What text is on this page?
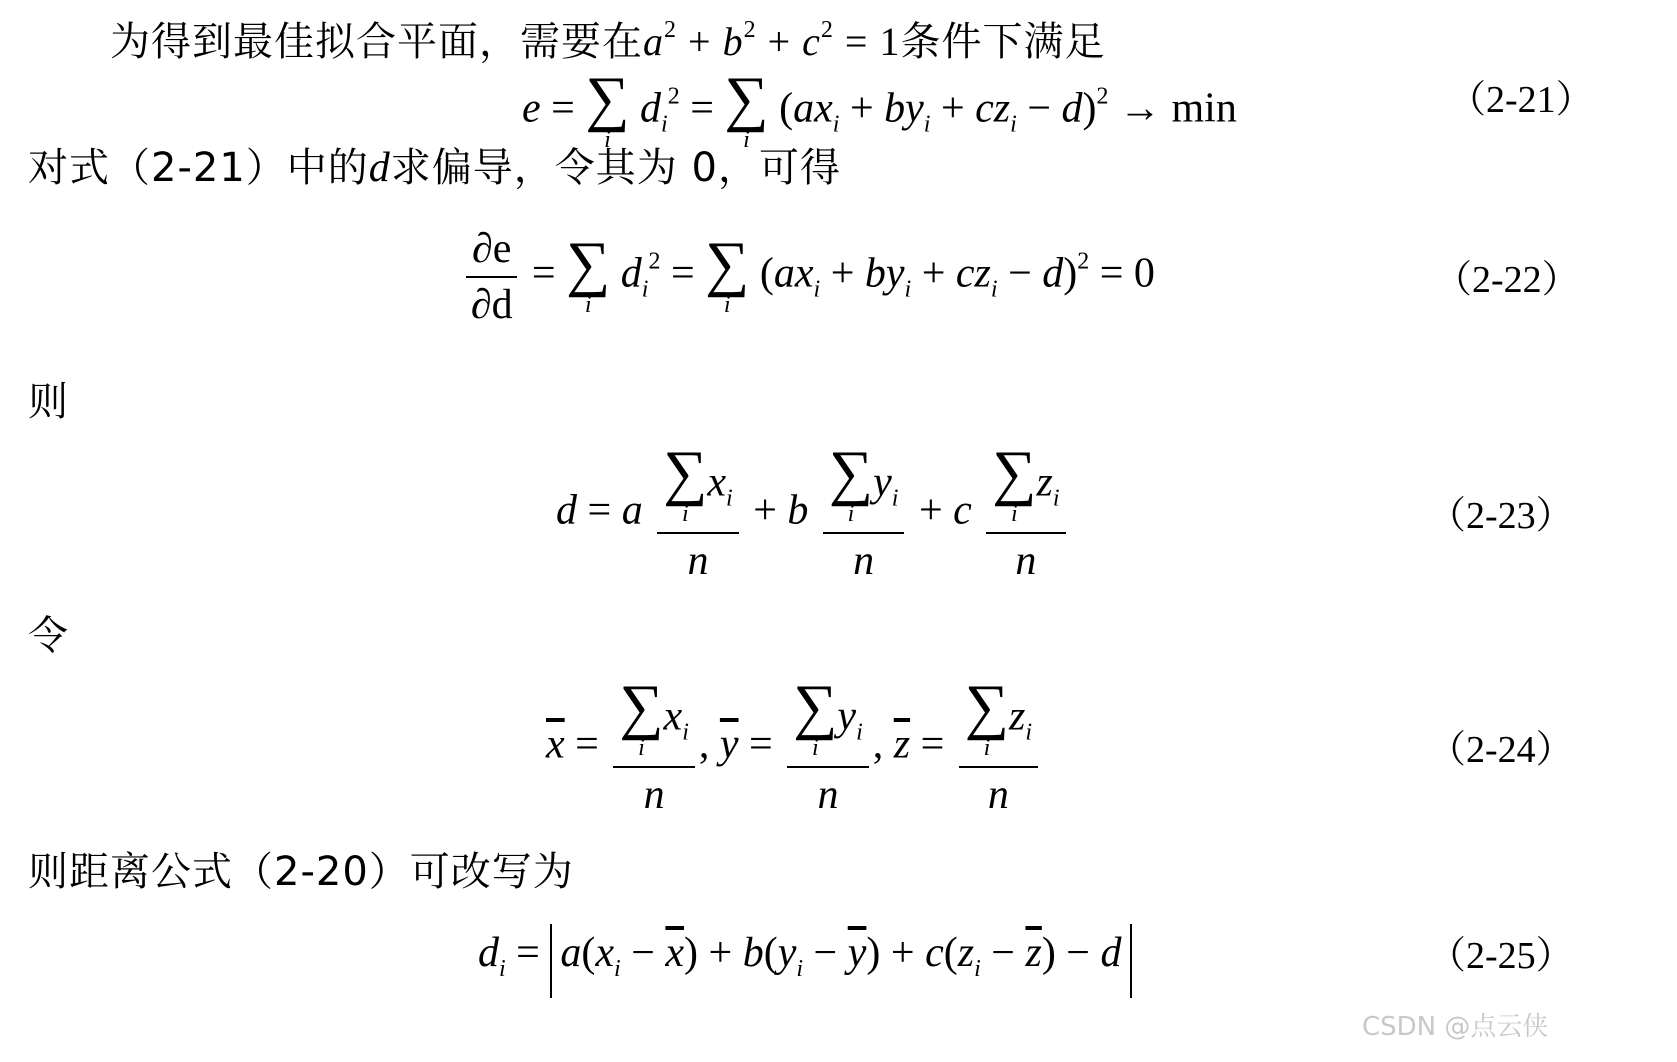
为得到最佳拟合平面，需要在$a^2 + b^2 + c^2 = 1$条件下满足
e = ∑
i
$d_i^2$ = ∑
i
$(ax_i + by_i + cz_i - d)^2 \to \min$	（2-21）
对式（2-21）中的d求偏导，令其为 0，可得
$\frac{\partial e}{\partial d}$ = ∑
i
$d_i^2$ = ∑
i
$(ax_i + by_i + cz_i - d)^2 = 0$	（2-22）
则
d = a ∑
i
$x_i$
n + b ∑
i
$y_i$
n + c ∑
i
$z_i$
n	（2-23）
令
$\overline{x}$ = ∑
i
$x_i$
n , $\overline{y}$ = ∑
i
$y_i$
n , $\overline{z}$ = ∑
i
$z_i$
n	（2-24）
则距离公式（2-20）可改写为
$d_i = a(x_i - \overline{x}) + b(y_i - \overline{y}) + c(z_i - \overline{z}) - d$	（2-25）
CSDN @点云侠
